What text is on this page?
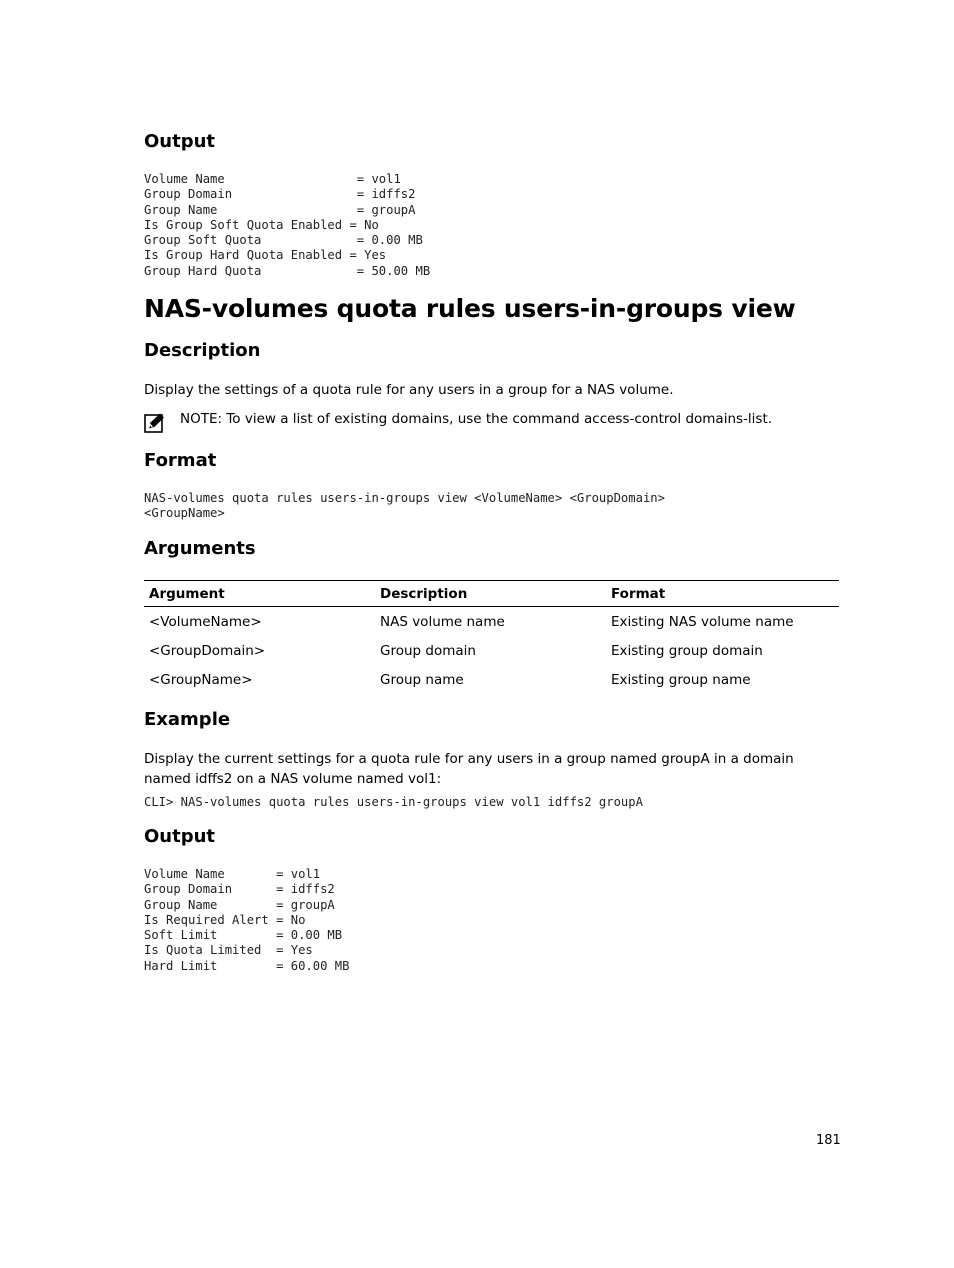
Output
Volume Name                  = vol1
Group Domain                 = idffs2
Group Name                   = groupA
Is Group Soft Quota Enabled = No
Group Soft Quota             = 0.00 MB
Is Group Hard Quota Enabled = Yes
Group Hard Quota             = 50.00 MB
NAS-volumes quota rules users-in-groups view
Description

Display the settings of a quota rule for any users in a group for a NAS volume.

NOTE: To view a list of existing domains, use the command access-control domains-list.
Format
NAS-volumes quota rules users-in-groups view <VolumeName> <GroupDomain>
<GroupName>
Arguments
Argument	Description	Format
<VolumeName>	NAS volume name	Existing NAS volume name
<GroupDomain>	Group domain	Existing group domain
<GroupName>	Group name	Existing group name
Example

Display the current settings for a quota rule for any users in a group named groupA in a domain named idffs2 on a NAS volume named vol1:

CLI> NAS-volumes quota rules users-in-groups view vol1 idffs2 groupA
Output
Volume Name       = vol1
Group Domain      = idffs2
Group Name        = groupA
Is Required Alert = No
Soft Limit        = 0.00 MB
Is Quota Limited  = Yes
Hard Limit        = 60.00 MB
181
